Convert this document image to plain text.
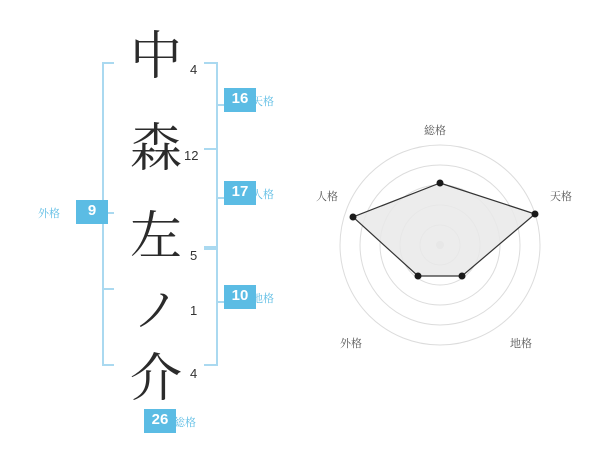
中
森
左
ノ
介
4
12
5
1
4
16 天格
17 人格
10 地格
9
外格
26 総格
総格
天格
地格
外格
人格
